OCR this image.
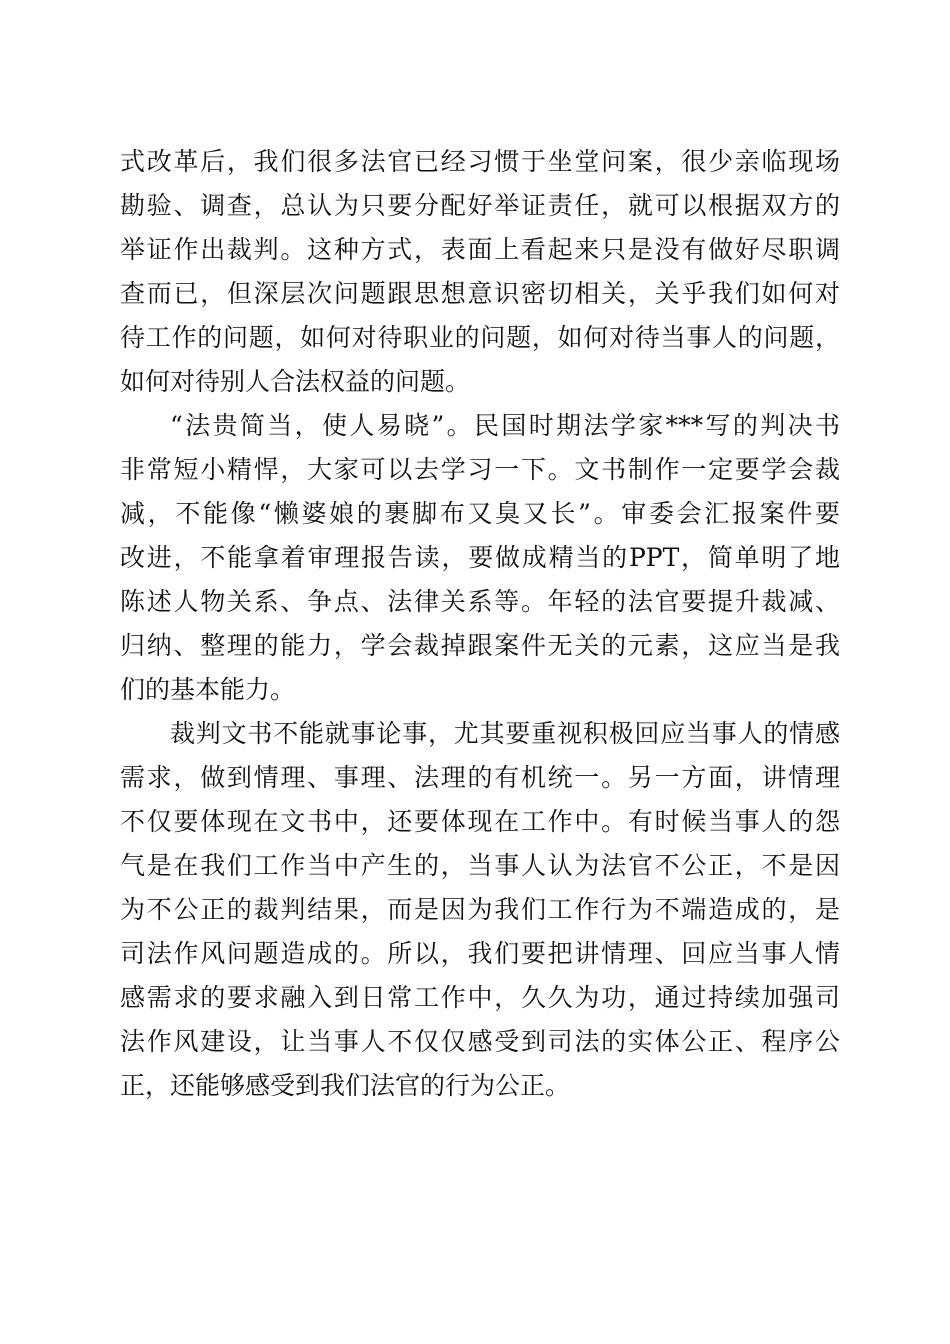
式改革后，我们很多法官已经习惯于坐堂问案，很少亲临现场
勘验、调查，总认为只要分配好举证责任，就可以根据双方的
举证作出裁判。这种方式，表面上看起来只是没有做好尽职调
查而已，但深层次问题跟思想意识密切相关，关乎我们如何对
待工作的问题，如何对待职业的问题，如何对待当事人的问题，
如何对待别人合法权益的问题。
“法贵简当，使人易晓”。民国时期法学家***写的判决书
非常短小精悍，大家可以去学习一下。文书制作一定要学会裁
减，不能像“懒婆娘的裹脚布又臭又长”。审委会汇报案件要
改进，不能拿着审理报告读，要做成精当的PPT，简单明了地
陈述人物关系、争点、法律关系等。年轻的法官要提升裁减、
归纳、整理的能力，学会裁掉跟案件无关的元素，这应当是我
们的基本能力。
裁判文书不能就事论事，尤其要重视积极回应当事人的情感
需求，做到情理、事理、法理的有机统一。另一方面，讲情理
不仅要体现在文书中，还要体现在工作中。有时候当事人的怨
气是在我们工作当中产生的，当事人认为法官不公正，不是因
为不公正的裁判结果，而是因为我们工作行为不端造成的，是
司法作风问题造成的。所以，我们要把讲情理、回应当事人情
感需求的要求融入到日常工作中，久久为功，通过持续加强司
法作风建设，让当事人不仅仅感受到司法的实体公正、程序公
正，还能够感受到我们法官的行为公正。
